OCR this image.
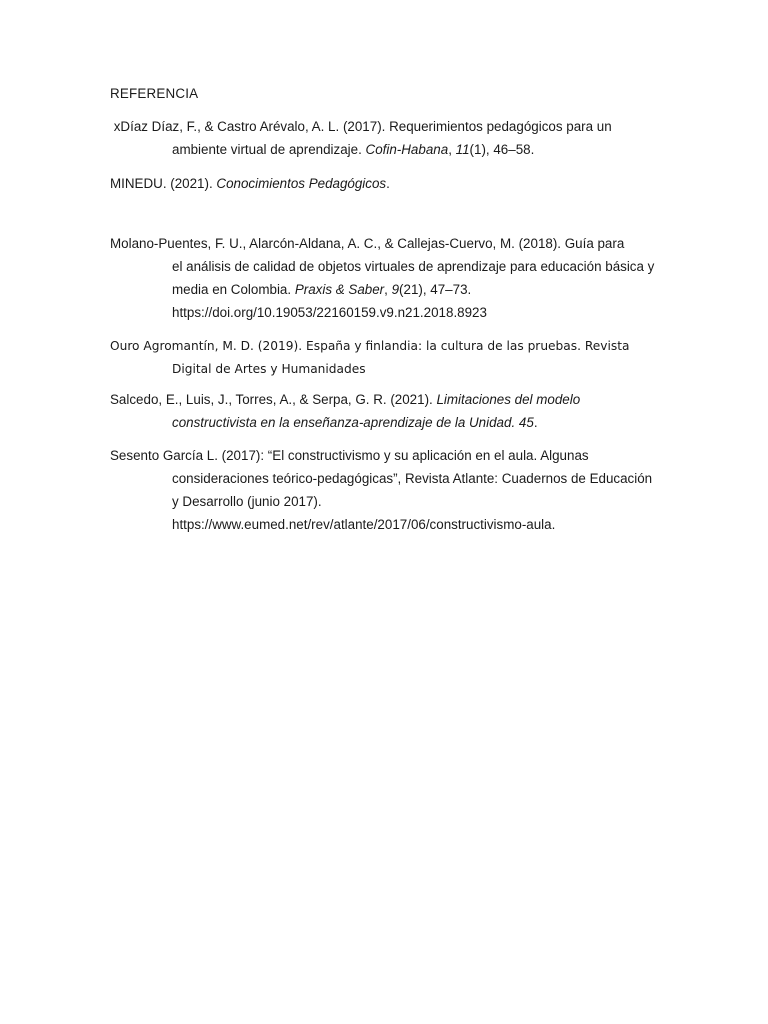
REFERENCIA
xDíaz Díaz, F., & Castro Arévalo, A. L. (2017). Requerimientos pedagógicos para un
ambiente virtual de aprendizaje. Cofin-Habana, 11(1), 46–58.
MINEDU. (2021). Conocimientos Pedagógicos.
Molano-Puentes, F. U., Alarcón-Aldana, A. C., & Callejas-Cuervo, M. (2018). Guía para
el análisis de calidad de objetos virtuales de aprendizaje para educación básica y
media en Colombia. Praxis & Saber, 9(21), 47–73.
https://doi.org/10.19053/22160159.v9.n21.2018.8923
Ouro Agromantín, M. D. (2019). España y finlandia: la cultura de las pruebas. Revista
Digital de Artes y Humanidades
Salcedo, E., Luis, J., Torres, A., & Serpa, G. R. (2021). Limitaciones del modelo
constructivista en la enseñanza-aprendizaje de la Unidad. 45.
Sesento García L. (2017): “El constructivismo y su aplicación en el aula. Algunas
consideraciones teórico-pedagógicas”, Revista Atlante: Cuadernos de Educación
y Desarrollo (junio 2017).
https://www.eumed.net/rev/atlante/2017/06/constructivismo-aula.
